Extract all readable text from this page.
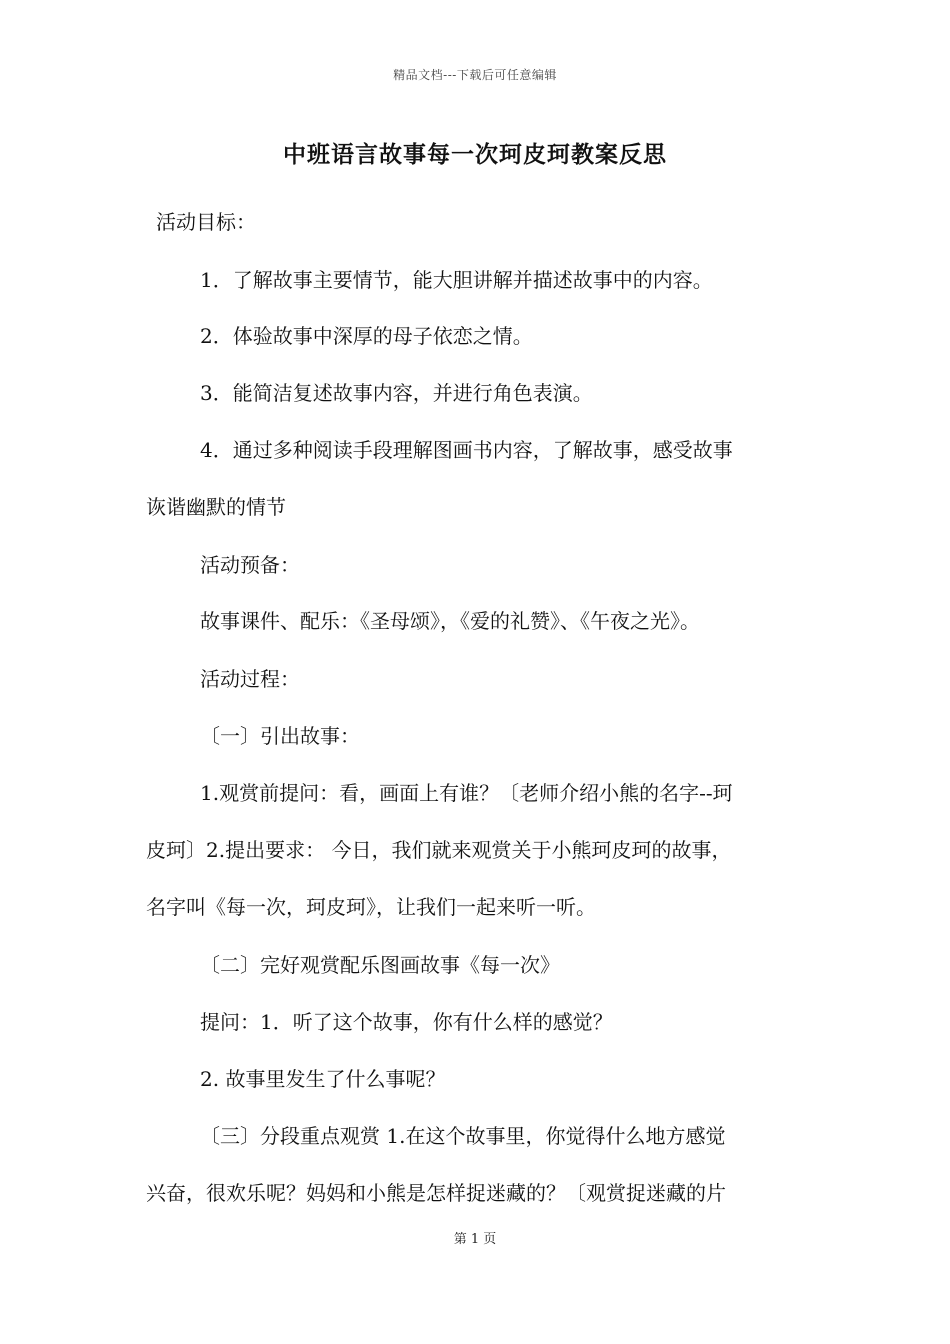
精品文档---下载后可任意编辑
中班语言故事每一次珂皮珂教案反思
活动目标：
1．了解故事主要情节，能大胆讲解并描述故事中的内容。
2．体验故事中深厚的母子依恋之情。
3．能简洁复述故事内容，并进行角色表演。
4．通过多种阅读手段理解图画书内容，了解故事，感受故事
诙谐幽默的情节
活动预备：
故事课件、配乐：《圣母颂》，《爱的礼赞》、《午夜之光》。
活动过程：
〔一〕引出故事：
1.观赏前提问：看，画面上有谁？〔老师介绍小熊的名字--珂
皮珂〕2.提出要求： 今日，我们就来观赏关于小熊珂皮珂的故事，
名字叫《每一次，珂皮珂》，让我们一起来听一听。
〔二〕完好观赏配乐图画故事《每一次》
提问：1．听了这个故事，你有什么样的感觉？
2. 故事里发生了什么事呢？
〔三〕分段重点观赏 1.在这个故事里，你觉得什么地方感觉
兴奋，很欢乐呢？妈妈和小熊是怎样捉迷藏的？〔观赏捉迷藏的片
第 1 页
